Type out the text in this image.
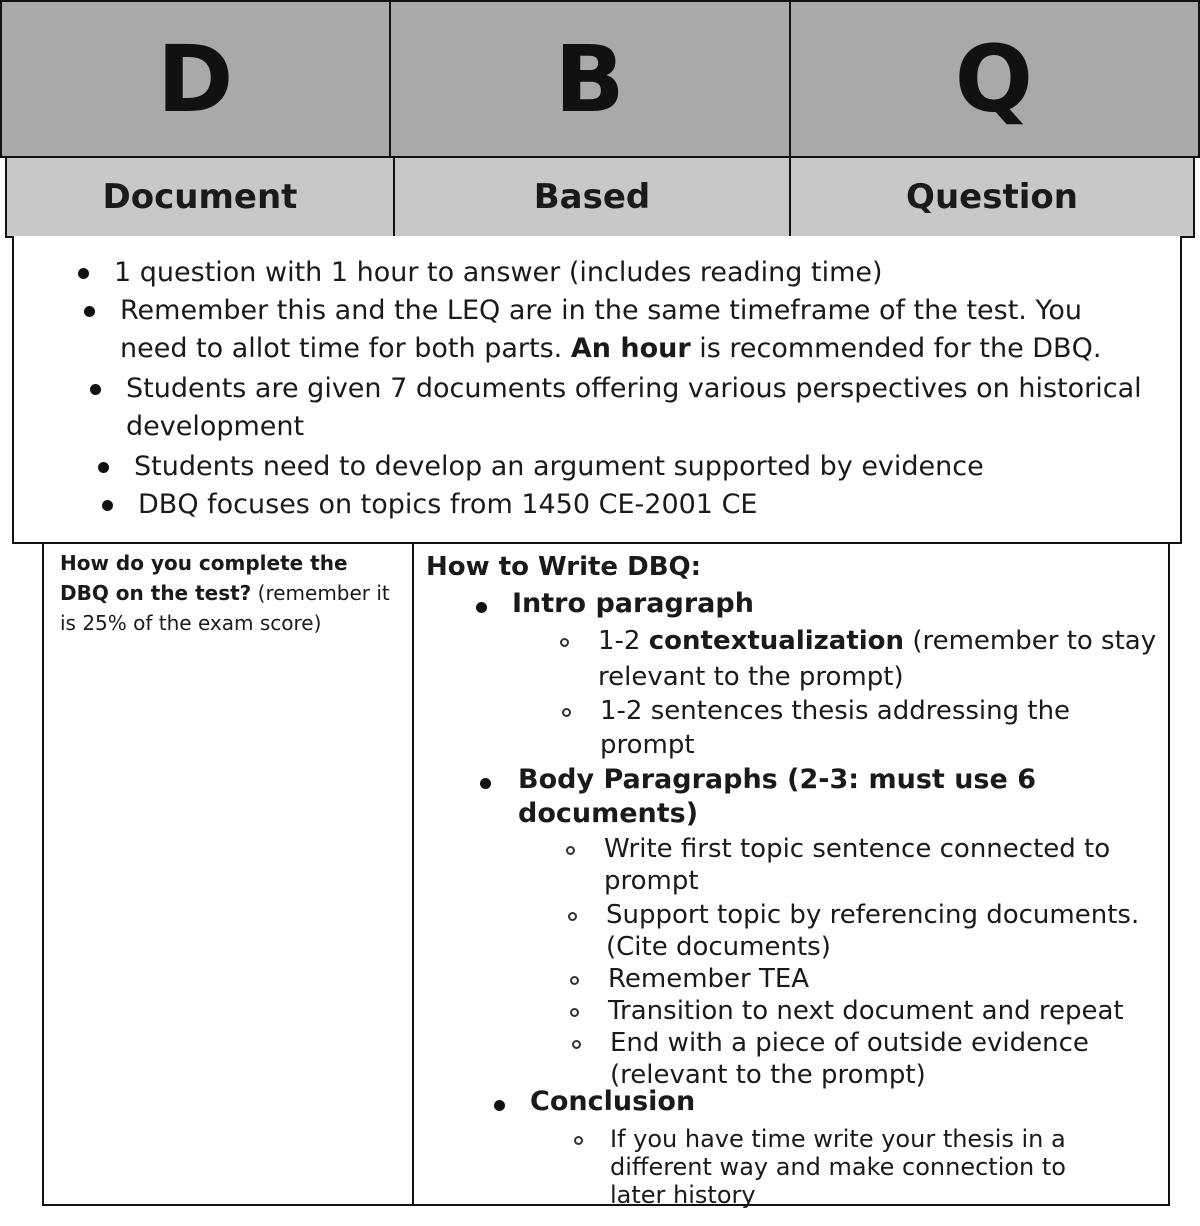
D	B	Q
Document	Based	Question
1 question with 1 hour to answer (includes reading time)
Remember this and the LEQ are in the same timeframe of the test. You
need to allot time for both parts. An hour is recommended for the DBQ.
Students are given 7 documents offering various perspectives on historical
development
Students need to develop an argument supported by evidence
DBQ focuses on topics from 1450 CE-2001 CE
How do you complete the
DBQ on the test? (remember it
is 25% of the exam score)
How to Write DBQ:
Intro paragraph
1-2 contextualization (remember to stay
relevant to the prompt)
1-2 sentences thesis addressing the
prompt
Body Paragraphs (2-3: must use 6
documents)
Write first topic sentence connected to
prompt
Support topic by referencing documents.
(Cite documents)
Remember TEA
Transition to next document and repeat
End with a piece of outside evidence
(relevant to the prompt)
Conclusion
If you have time write your thesis in a
different way and make connection to
later history
